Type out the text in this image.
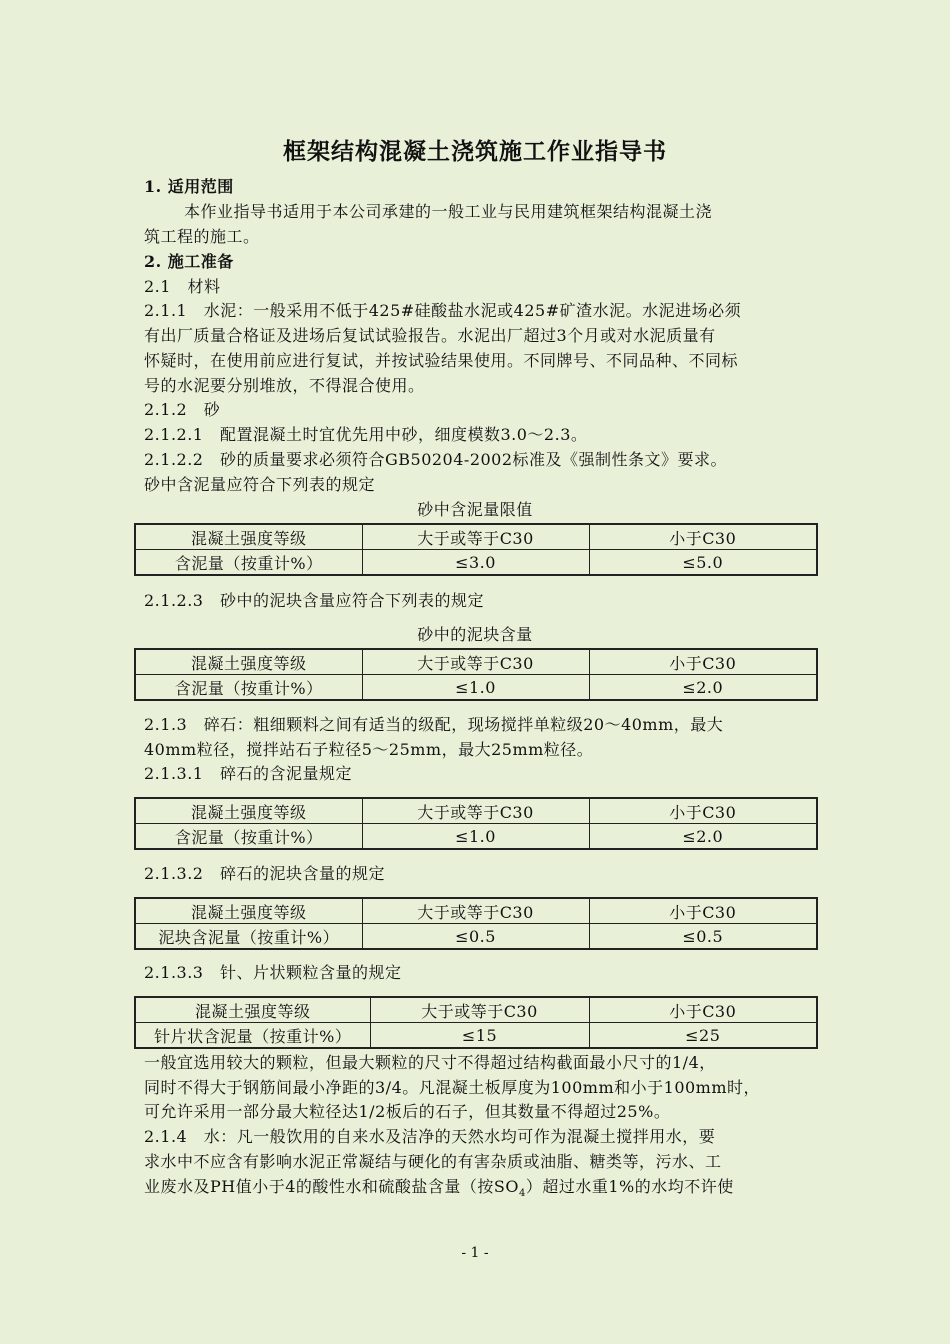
框架结构混凝土浇筑施工作业指导书
1. 适用范围
本作业指导书适用于本公司承建的一般工业与民用建筑框架结构混凝土浇
筑工程的施工。
2. 施工准备
2.1　材料
2.1.1　水泥：一般采用不低于425#硅酸盐水泥或425#矿渣水泥。水泥进场必须
有出厂质量合格证及进场后复试试验报告。水泥出厂超过3个月或对水泥质量有
怀疑时，在使用前应进行复试，并按试验结果使用。不同牌号、不同品种、不同标
号的水泥要分别堆放，不得混合使用。
2.1.2　砂
2.1.2.1　配置混凝土时宜优先用中砂，细度模数3.0～2.3。
2.1.2.2　砂的质量要求必须符合GB50204-2002标准及《强制性条文》要求。
砂中含泥量应符合下列表的规定
砂中含泥量限值
混凝土强度等级	大于或等于C30	小于C30
含泥量（按重计%）	≤3.0	≤5.0
2.1.2.3　砂中的泥块含量应符合下列表的规定
砂中的泥块含量
混凝土强度等级	大于或等于C30	小于C30
含泥量（按重计%）	≤1.0	≤2.0
2.1.3　碎石：粗细颗料之间有适当的级配，现场搅拌单粒级20～40mm，最大
40mm粒径，搅拌站石子粒径5～25mm，最大25mm粒径。
2.1.3.1　碎石的含泥量规定
混凝土强度等级	大于或等于C30	小于C30
含泥量（按重计%）	≤1.0	≤2.0
2.1.3.2　碎石的泥块含量的规定
混凝土强度等级	大于或等于C30	小于C30
泥块含泥量（按重计%）	≤0.5	≤0.5
2.1.3.3　针、片状颗粒含量的规定
混凝土强度等级	大于或等于C30	小于C30
针片状含泥量（按重计%）	≤15	≤25
一般宜选用较大的颗粒，但最大颗粒的尺寸不得超过结构截面最小尺寸的1/4，
同时不得大于钢筋间最小净距的3/4。凡混凝土板厚度为100mm和小于100mm时，
可允许采用一部分最大粒径达1/2板后的石子，但其数量不得超过25%。
2.1.4　水：凡一般饮用的自来水及洁净的天然水均可作为混凝土搅拌用水，要
求水中不应含有影响水泥正常凝结与硬化的有害杂质或油脂、糖类等，污水、工
业废水及PH值小于4的酸性水和硫酸盐含量（按$SO_4$）超过水重1%的水均不许使
- 1 -
